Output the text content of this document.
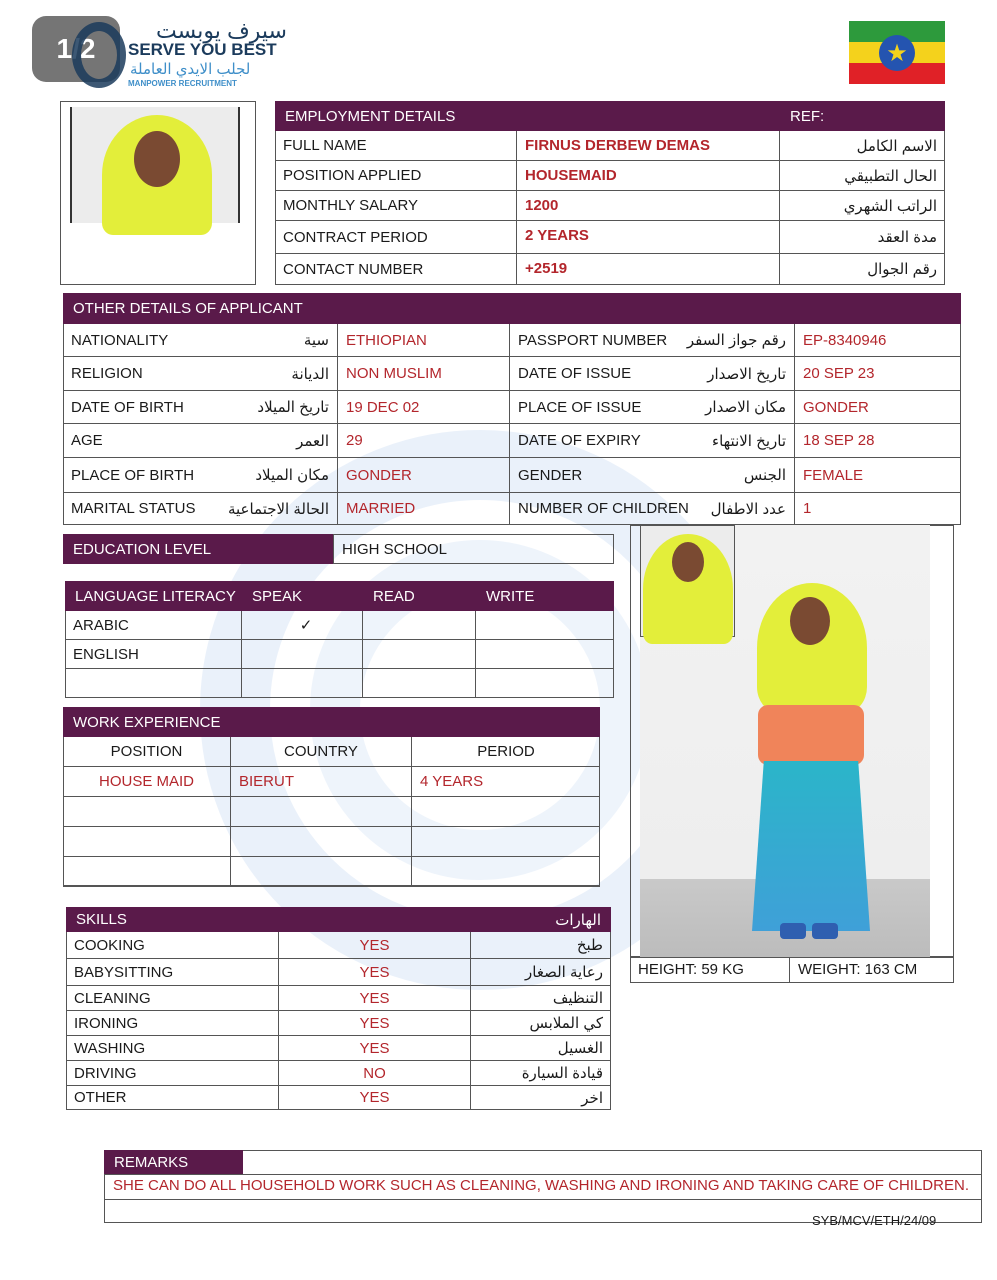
1/2
سيرف يوبست
SERVE YOU BEST
لجلب الايدي العاملة
MANPOWER RECRUITMENT
★
EMPLOYMENT DETAILS	REF:
FULL NAME	FIRNUS DERBEW DEMAS	الاسم الكامل
POSITION APPLIED	HOUSEMAID	الحال التطبيقي
MONTHLY SALARY	1200	الراتب الشهري
CONTRACT PERIOD	2 YEARS	مدة العقد
CONTACT NUMBER	+2519	رقم الجوال
OTHER DETAILS OF APPLICANT
NATIONALITY	سية	ETHIOPIAN	PASSPORT NUMBER	رقم جواز السفر	EP-8340946
RELIGION	الديانة	NON MUSLIM	DATE OF ISSUE	تاريخ الاصدار	20 SEP 23
DATE OF BIRTH	تاريخ الميلاد	19 DEC 02	PLACE OF ISSUE	مكان الاصدار	GONDER
AGE	العمر	29	DATE OF EXPIRY	تاريخ الانتهاء	18 SEP 28
PLACE OF BIRTH	مكان الميلاد	GONDER	GENDER	الجنس	FEMALE
MARITAL STATUS	الحالة الاجتماعية	MARRIED	NUMBER OF CHILDREN	عدد الاطفال	1
EDUCATION LEVEL	HIGH SCHOOL
LANGUAGE LITERACY	SPEAK	READ	WRITE
ARABIC	✓
ENGLISH
WORK EXPERIENCE
POSITION	COUNTRY	PERIOD
HOUSE MAID	BIERUT	4 YEARS
SKILLS	الهارات
COOKING	YES	طبخ
BABYSITTING	YES	رعاية الصغار
CLEANING	YES	التنظيف
IRONING	YES	كي الملابس
WASHING	YES	الغسيل
DRIVING	NO	قيادة السيارة
OTHER	YES	اخر
HEIGHT: 59 KG	WEIGHT: 163 CM
REMARKS
SHE CAN DO ALL HOUSEHOLD WORK SUCH AS CLEANING, WASHING AND IRONING AND TAKING CARE OF CHILDREN.
SYB/MCV/ETH/24/09
